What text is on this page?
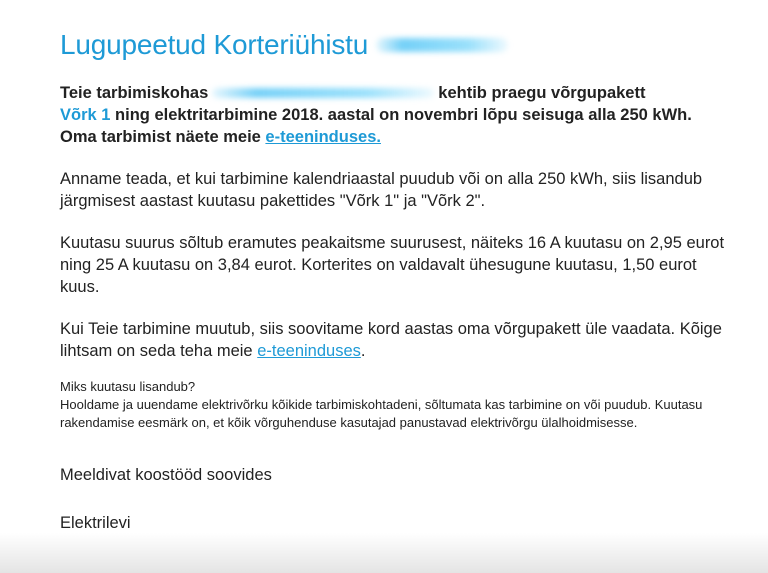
Lugupeetud Korteriühistu
Teie tarbimiskohas	kehtib praegu võrgupakett
Võrk 1 ning elektritarbimine 2018. aastal on novembri lõpu seisuga alla 250 kWh.
Oma tarbimist näete meie e-teeninduses.

Anname teada, et kui tarbimine kalendriaastal puudub või on alla 250 kWh, siis lisandub järgmisest aastast kuutasu pakettides "Võrk 1" ja "Võrk 2".

Kuutasu suurus sõltub eramutes peakaitsme suurusest, näiteks 16 A kuutasu on 2,95 eurot ning 25 A kuutasu on 3,84 eurot. Korterites on valdavalt ühesugune kuutasu, 1,50 eurot kuus.

Kui Teie tarbimine muutub, siis soovitame kord aastas oma võrgupakett üle vaadata. Kõige lihtsam on seda teha meie e-teeninduses.

Miks kuutasu lisandub?
Hooldame ja uuendame elektrivõrku kõikide tarbimiskohtadeni, sõltumata kas tarbimine on või puudub. Kuutasu rakendamise eesmärk on, et kõik võrguhenduse kasutajad panustavad elektrivõrgu ülalhoidmisesse.
Meeldivat koostööd soovides
Elektrilevi
